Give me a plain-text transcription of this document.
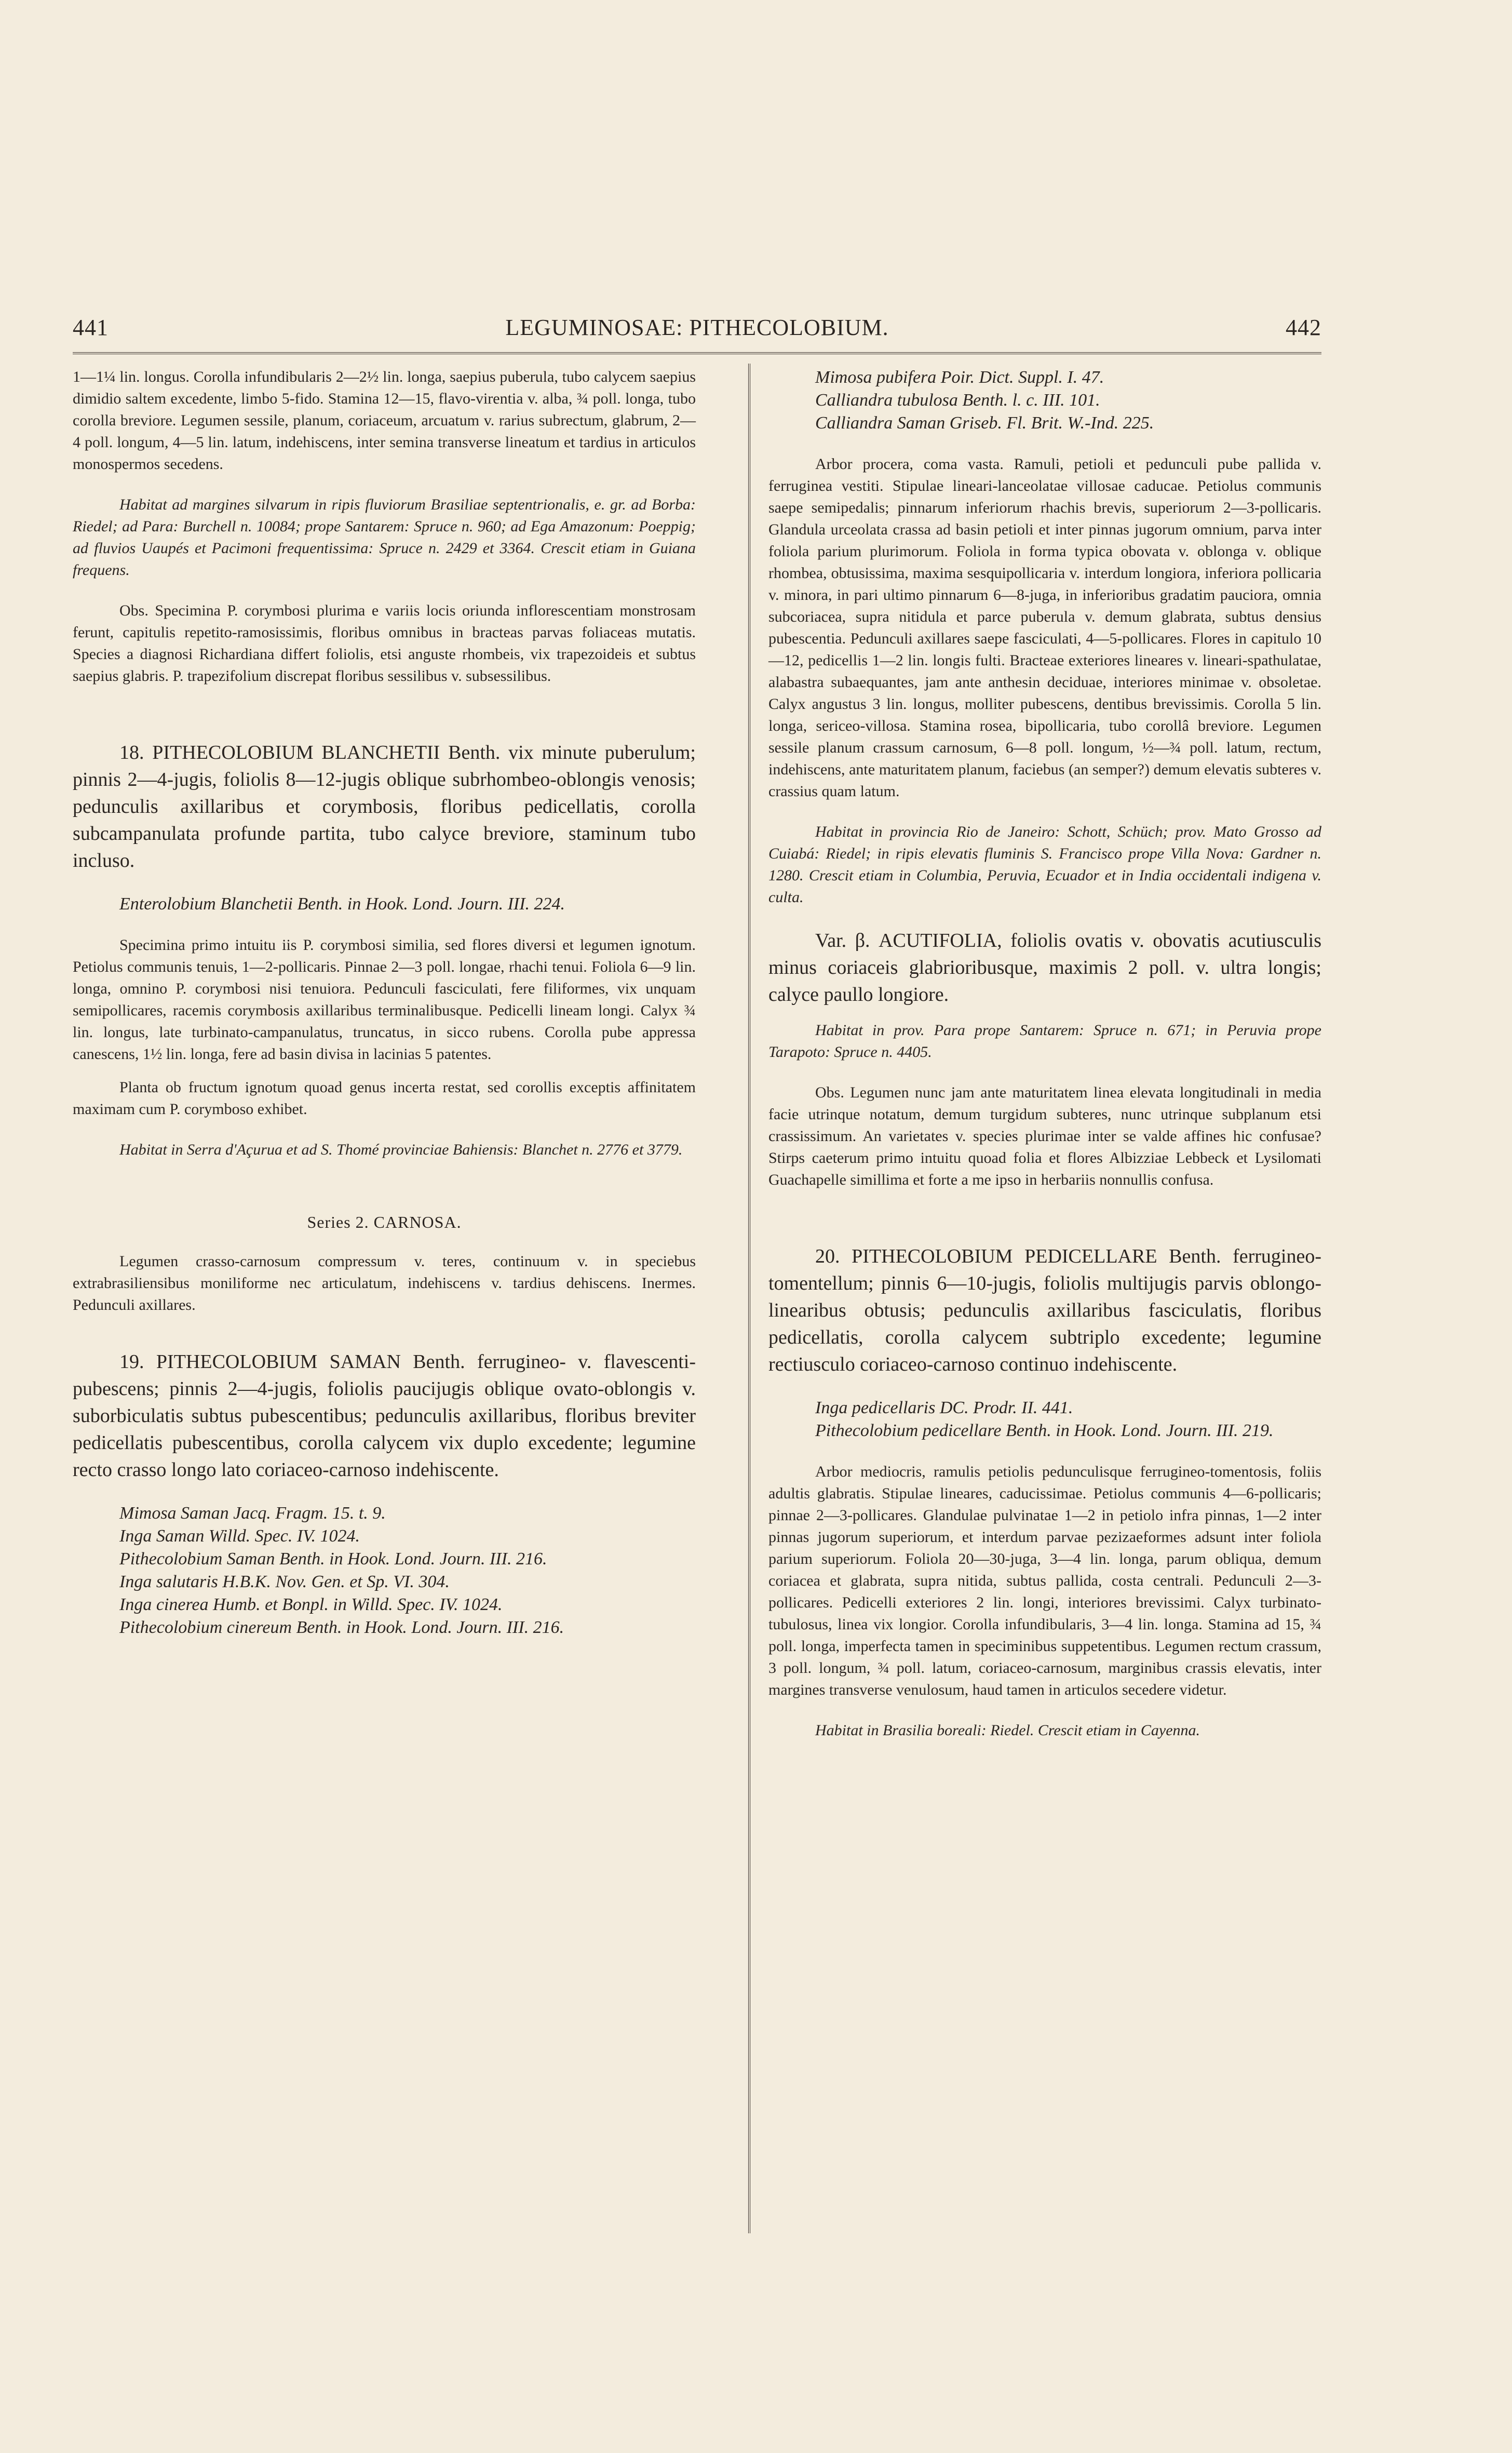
441	LEGUMINOSAE: PITHECOLOBIUM.	442

1—1¼ lin. longus. Corolla infundibularis 2—2½ lin. longa, saepius puberula, tubo calycem saepius dimidio saltem excedente, limbo 5-fido. Stamina 12—15, flavo-virentia v. alba, ¾ poll. longa, tubo corolla breviore. Legumen sessile, planum, coriaceum, arcuatum v. rarius subrectum, glabrum, 2—4 poll. longum, 4—5 lin. latum, indehiscens, inter semina transverse lineatum et tardius in articulos monospermos secedens.

Habitat ad margines silvarum in ripis fluviorum Brasiliae septentrionalis, e. gr. ad Borba: Riedel; ad Para: Burchell n. 10084; prope Santarem: Spruce n. 960; ad Ega Amazonum: Poeppig; ad fluvios Uaupés et Pacimoni frequentissima: Spruce n. 2429 et 3364. Crescit etiam in Guiana frequens.

Obs. Specimina P. corymbosi plurima e variis locis oriunda inflorescentiam monstrosam ferunt, capitulis repetito-ramosissimis, floribus omnibus in bracteas parvas foliaceas mutatis. Species a diagnosi Richardiana differt foliolis, etsi anguste rhombeis, vix trapezoideis et subtus saepius glabris. P. trapezifolium discrepat floribus sessilibus v. subsessilibus.

18. PITHECOLOBIUM BLANCHETII Benth. vix minute puberulum; pinnis 2—4-jugis, foliolis 8—12-jugis oblique subrhombeo-oblongis venosis; pedunculis axillaribus et corymbosis, floribus pedicellatis, corolla subcampanulata profunde partita, tubo calyce breviore, staminum tubo incluso.

Enterolobium Blanchetii Benth. in Hook. Lond. Journ. III. 224.

Specimina primo intuitu iis P. corymbosi similia, sed flores diversi et legumen ignotum. Petiolus communis tenuis, 1—2-pollicaris. Pinnae 2—3 poll. longae, rhachi tenui. Foliola 6—9 lin. longa, omnino P. corymbosi nisi tenuiora. Pedunculi fasciculati, fere filiformes, vix unquam semipollicares, racemis corymbosis axillaribus terminalibusque. Pedicelli lineam longi. Calyx ¾ lin. longus, late turbinato-campanulatus, truncatus, in sicco rubens. Corolla pube appressa canescens, 1½ lin. longa, fere ad basin divisa in lacinias 5 patentes.

Planta ob fructum ignotum quoad genus incerta restat, sed corollis exceptis affinitatem maximam cum P. corymboso exhibet.

Habitat in Serra d'Açurua et ad S. Thomé provinciae Bahiensis: Blanchet n. 2776 et 3779.

Series 2. CARNOSA.

Legumen crasso-carnosum compressum v. teres, continuum v. in speciebus extrabrasiliensibus moniliforme nec articulatum, indehiscens v. tardius dehiscens. Inermes. Pedunculi axillares.

19. PITHECOLOBIUM SAMAN Benth. ferrugineo- v. flavescenti-pubescens; pinnis 2—4-jugis, foliolis paucijugis oblique ovato-oblongis v. suborbiculatis subtus pubescentibus; pedunculis axillaribus, floribus breviter pedicellatis pubescentibus, corolla calycem vix duplo excedente; legumine recto crasso longo lato coriaceo-carnoso indehiscente.

Mimosa Saman Jacq. Fragm. 15. t. 9.
Inga Saman Willd. Spec. IV. 1024.
Pithecolobium Saman Benth. in Hook. Lond. Journ. III. 216.
Inga salutaris H.B.K. Nov. Gen. et Sp. VI. 304.
Inga cinerea Humb. et Bonpl. in Willd. Spec. IV. 1024.
Pithecolobium cinereum Benth. in Hook. Lond. Journ. III. 216.
Mimosa pubifera Poir. Dict. Suppl. I. 47.
Calliandra tubulosa Benth. l. c. III. 101.
Calliandra Saman Griseb. Fl. Brit. W.-Ind. 225.

Arbor procera, coma vasta. Ramuli, petioli et pedunculi pube pallida v. ferruginea vestiti. Stipulae lineari-lanceolatae villosae caducae. Petiolus communis saepe semipedalis; pinnarum inferiorum rhachis brevis, superiorum 2—3-pollicaris. Glandula urceolata crassa ad basin petioli et inter pinnas jugorum omnium, parva inter foliola parium plurimorum. Foliola in forma typica obovata v. oblonga v. oblique rhombea, obtusissima, maxima sesquipollicaria v. interdum longiora, inferiora pollicaria v. minora, in pari ultimo pinnarum 6—8-juga, in inferioribus gradatim pauciora, omnia subcoriacea, supra nitidula et parce puberula v. demum glabrata, subtus densius pubescentia. Pedunculi axillares saepe fasciculati, 4—5-pollicares. Flores in capitulo 10—12, pedicellis 1—2 lin. longis fulti. Bracteae exteriores lineares v. lineari-spathulatae, alabastra subaequantes, jam ante anthesin deciduae, interiores minimae v. obsoletae. Calyx angustus 3 lin. longus, molliter pubescens, dentibus brevissimis. Corolla 5 lin. longa, sericeo-villosa. Stamina rosea, bipollicaria, tubo corollâ breviore. Legumen sessile planum crassum carnosum, 6—8 poll. longum, ½—¾ poll. latum, rectum, indehiscens, ante maturitatem planum, faciebus (an semper?) demum elevatis subteres v. crassius quam latum.

Habitat in provincia Rio de Janeiro: Schott, Schüch; prov. Mato Grosso ad Cuiabá: Riedel; in ripis elevatis fluminis S. Francisco prope Villa Nova: Gardner n. 1280. Crescit etiam in Columbia, Peruvia, Ecuador et in India occidentali indigena v. culta.

Var. β. ACUTIFOLIA, foliolis ovatis v. obovatis acutiusculis minus coriaceis glabrioribusque, maximis 2 poll. v. ultra longis; calyce paullo longiore.

Habitat in prov. Para prope Santarem: Spruce n. 671; in Peruvia prope Tarapoto: Spruce n. 4405.

Obs. Legumen nunc jam ante maturitatem linea elevata longitudinali in media facie utrinque notatum, demum turgidum subteres, nunc utrinque subplanum etsi crassissimum. An varietates v. species plurimae inter se valde affines hic confusae? Stirps caeterum primo intuitu quoad folia et flores Albizziae Lebbeck et Lysilomati Guachapelle simillima et forte a me ipso in herbariis nonnullis confusa.

20. PITHECOLOBIUM PEDICELLARE Benth. ferrugineo-tomentellum; pinnis 6—10-jugis, foliolis multijugis parvis oblongo-linearibus obtusis; pedunculis axillaribus fasciculatis, floribus pedicellatis, corolla calycem subtriplo excedente; legumine rectiusculo coriaceo-carnoso continuo indehiscente.

Inga pedicellaris DC. Prodr. II. 441.
Pithecolobium pedicellare Benth. in Hook. Lond. Journ. III. 219.

Arbor mediocris, ramulis petiolis pedunculisque ferrugineo-tomentosis, foliis adultis glabratis. Stipulae lineares, caducissimae. Petiolus communis 4—6-pollicaris; pinnae 2—3-pollicares. Glandulae pulvinatae 1—2 in petiolo infra pinnas, 1—2 inter pinnas jugorum superiorum, et interdum parvae pezizaeformes adsunt inter foliola parium superiorum. Foliola 20—30-juga, 3—4 lin. longa, parum obliqua, demum coriacea et glabrata, supra nitida, subtus pallida, costa centrali. Pedunculi 2—3-pollicares. Pedicelli exteriores 2 lin. longi, interiores brevissimi. Calyx turbinato-tubulosus, linea vix longior. Corolla infundibularis, 3—4 lin. longa. Stamina ad 15, ¾ poll. longa, imperfecta tamen in speciminibus suppetentibus. Legumen rectum crassum, 3 poll. longum, ¾ poll. latum, coriaceo-carnosum, marginibus crassis elevatis, inter margines transverse venulosum, haud tamen in articulos secedere videtur.

Habitat in Brasilia boreali: Riedel. Crescit etiam in Cayenna.
